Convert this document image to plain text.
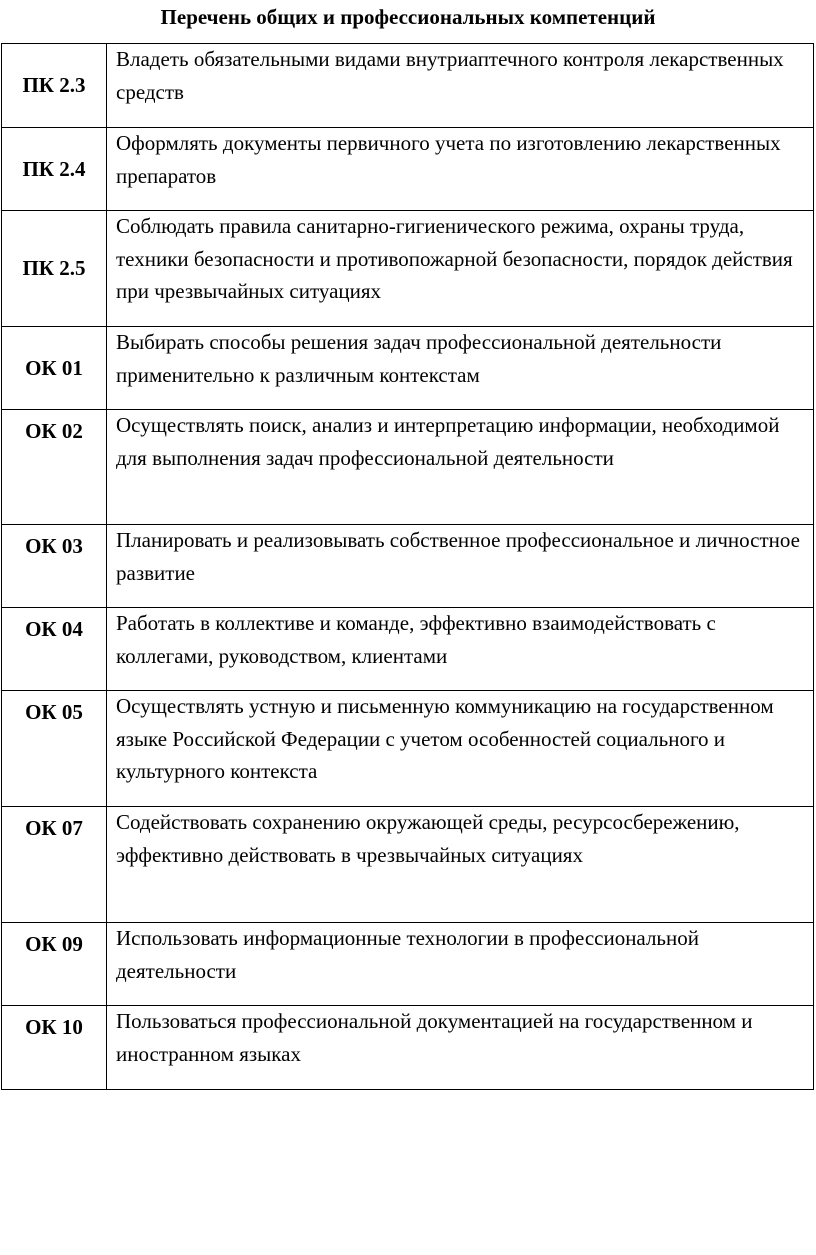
Перечень общих и профессиональных компетенций
ПК 2.3	Владеть обязательными видами внутриаптечного контроля лекарственных средств

ПК 2.4	Оформлять документы первичного учета по изготовлению лекарственных препаратов

ПК 2.5	Соблюдать правила санитарно-гигиенического режима, охраны труда, техники безопасности и противопожарной безопасности, порядок действия при чрезвычайных ситуациях

ОК 01	Выбирать способы решения задач профессиональной деятельности применительно к различным контекстам

ОК 02	Осуществлять поиск, анализ и интерпретацию информации, необходимой для выполнения задач профессиональной деятельности

ОК 03	Планировать и реализовывать собственное профессиональное и личностное развитие

ОК 04	Работать в коллективе и команде, эффективно взаимодействовать с коллегами, руководством, клиентами

ОК 05	Осуществлять устную и письменную коммуникацию на государственном языке Российской Федерации с учетом особенностей социального и культурного контекста

ОК 07	Содействовать сохранению окружающей среды, ресурсосбережению, эффективно действовать в чрезвычайных ситуациях

ОК 09	Использовать информационные технологии в профессиональной деятельности

ОК 10	Пользоваться профессиональной документацией на государственном и иностранном языках
